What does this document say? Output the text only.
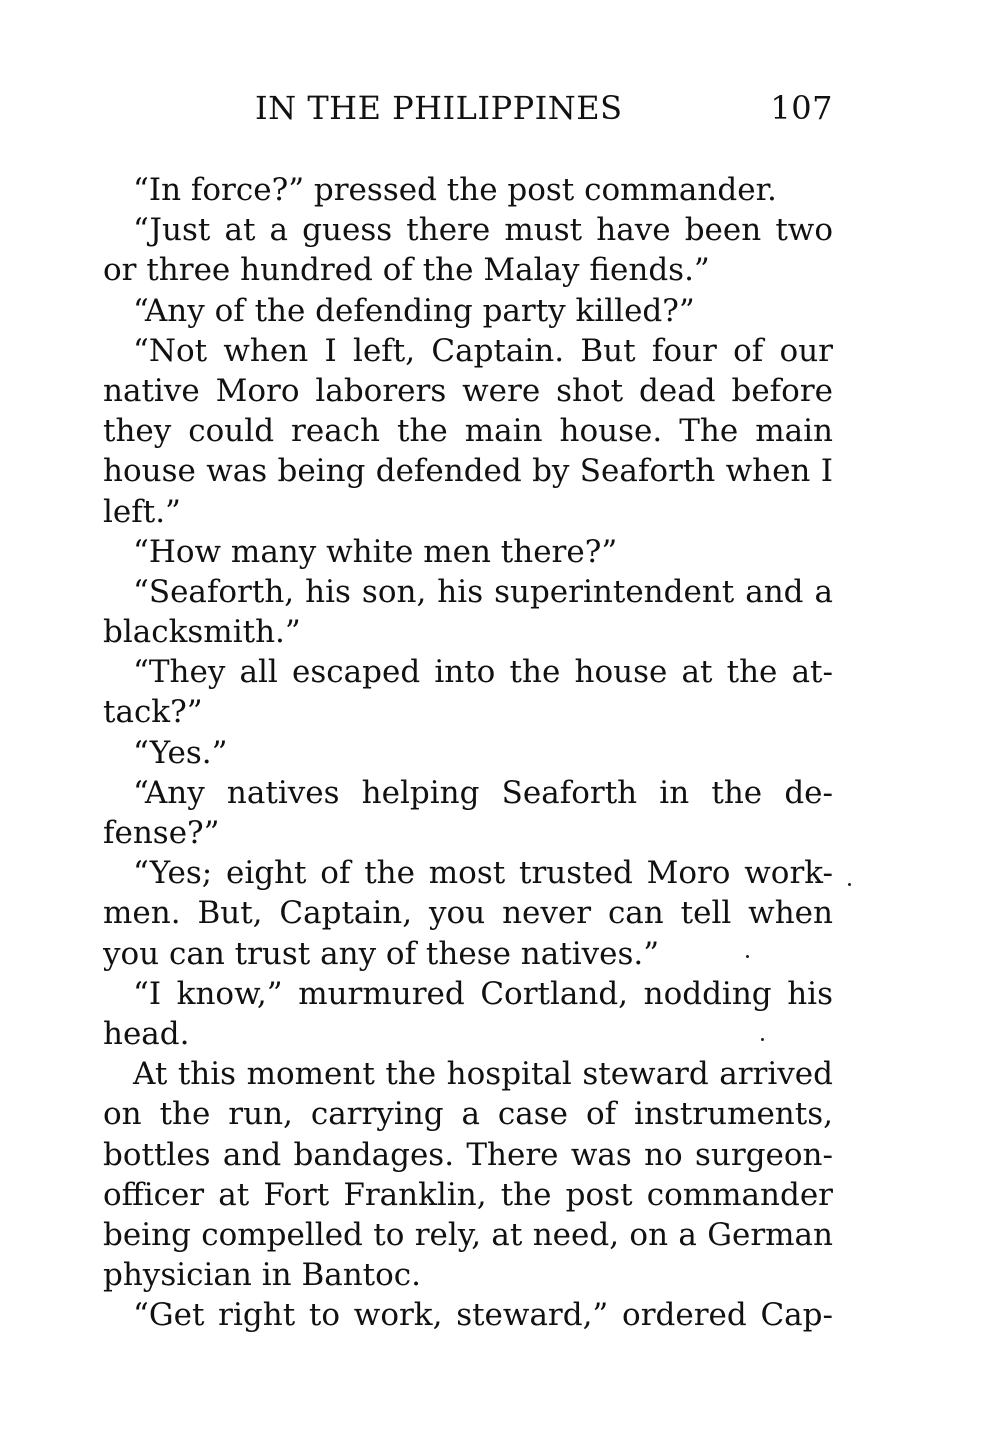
IN THE PHILIPPINES	107
“In force?” pressed the post commander.
“Just at a guess there must have been two
or three hundred of the Malay fiends.”
“Any of the defending party killed?”
“Not when I left, Captain. But four of our
native Moro laborers were shot dead before
they could reach the main house. The main
house was being defended by Seaforth when I
left.”
“How many white men there?”
“Seaforth, his son, his superintendent and a
blacksmith.”
“They all escaped into the house at the at-
tack?”
“Yes.”
“Any natives helping Seaforth in the de-
fense?”
“Yes; eight of the most trusted Moro work-
men. But, Captain, you never can tell when
you can trust any of these natives.”
“I know,” murmured Cortland, nodding his
head.
At this moment the hospital steward arrived
on the run, carrying a case of instruments,
bottles and bandages. There was no surgeon-
officer at Fort Franklin, the post commander
being compelled to rely, at need, on a German
physician in Bantoc.
“Get right to work, steward,” ordered Cap-
